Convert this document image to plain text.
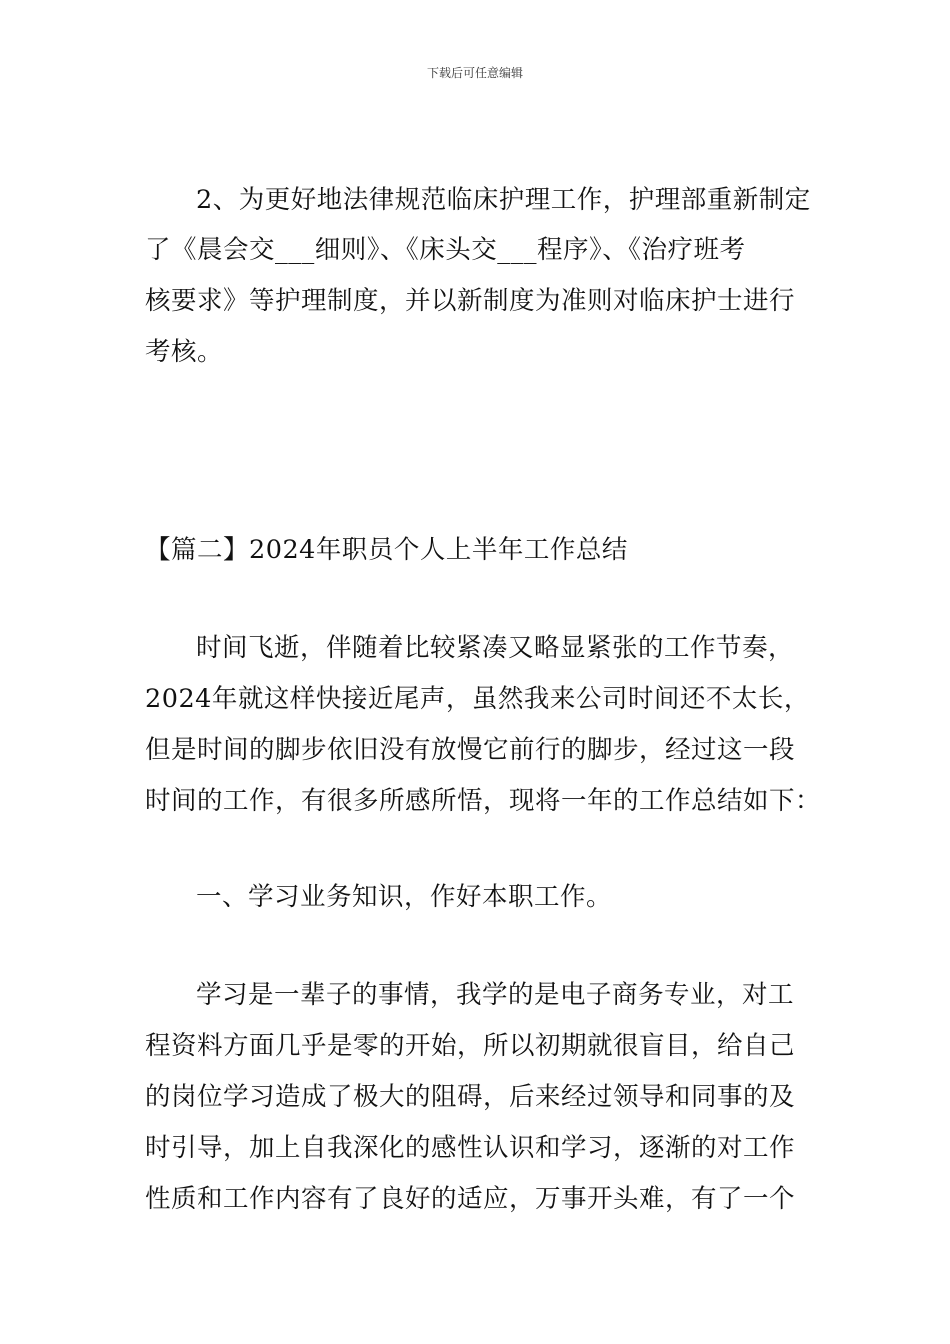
下载后可任意编辑
2、为更好地法律规范临床护理工作，护理部重新制定
了《晨会交___细则》、《床头交___程序》、《治疗班考
核要求》等护理制度，并以新制度为准则对临床护士进行
考核。
【篇二】2024年职员个人上半年工作总结
时间飞逝，伴随着比较紧凑又略显紧张的工作节奏，
2024年就这样快接近尾声，虽然我来公司时间还不太长，
但是时间的脚步依旧没有放慢它前行的脚步，经过这一段
时间的工作，有很多所感所悟，现将一年的工作总结如下：
一、学习业务知识，作好本职工作。
学习是一辈子的事情，我学的是电子商务专业，对工
程资料方面几乎是零的开始，所以初期就很盲目，给自己
的岗位学习造成了极大的阻碍，后来经过领导和同事的及
时引导，加上自我深化的感性认识和学习，逐渐的对工作
性质和工作内容有了良好的适应，万事开头难，有了一个
